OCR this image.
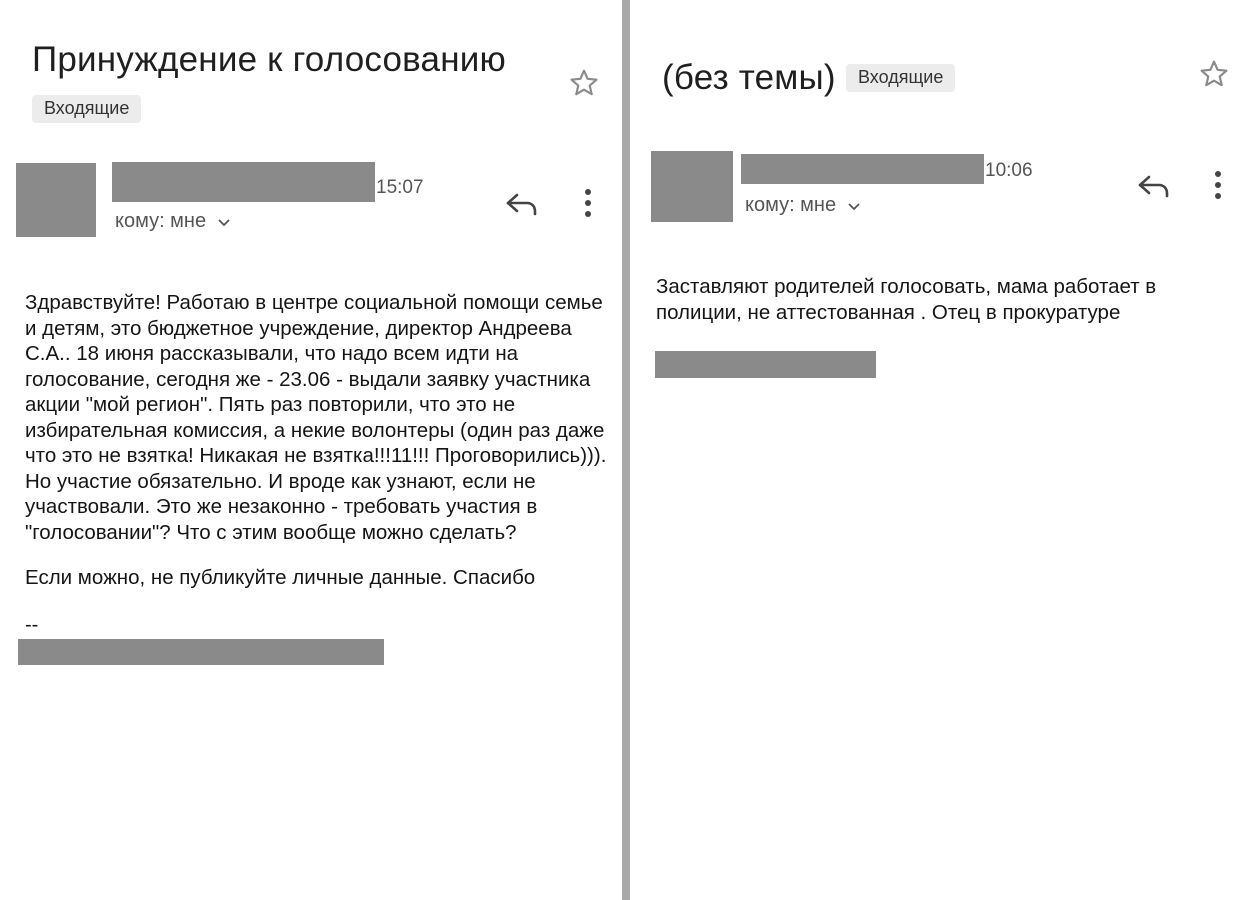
Принуждение к голосованию
Входящие
15:07
кому: мне

Здравствуйте! Работаю в центре социальной помощи семье и детям, это бюджетное учреждение, директор Андреева С.А.. 18 июня рассказывали, что надо всем идти на голосование, сегодня же - 23.06 - выдали заявку участника акции "мой регион". Пять раз повторили, что это не избирательная комиссия, а некие волонтеры (один раз даже что это не взятка! Никакая не взятка!!!11!!! Проговорились))). Но участие обязательно. И вроде как узнают, если не участвовали. Это же незаконно - требовать участия в "голосовании"? Что с этим вообще можно сделать?

Если можно, не публикуйте личные данные. Спасибо

--
(без темы)	Входящие
10:06
кому: мне

Заставляют родителей голосовать, мама работает в полиции, не аттестованная . Отец в прокуратуре
